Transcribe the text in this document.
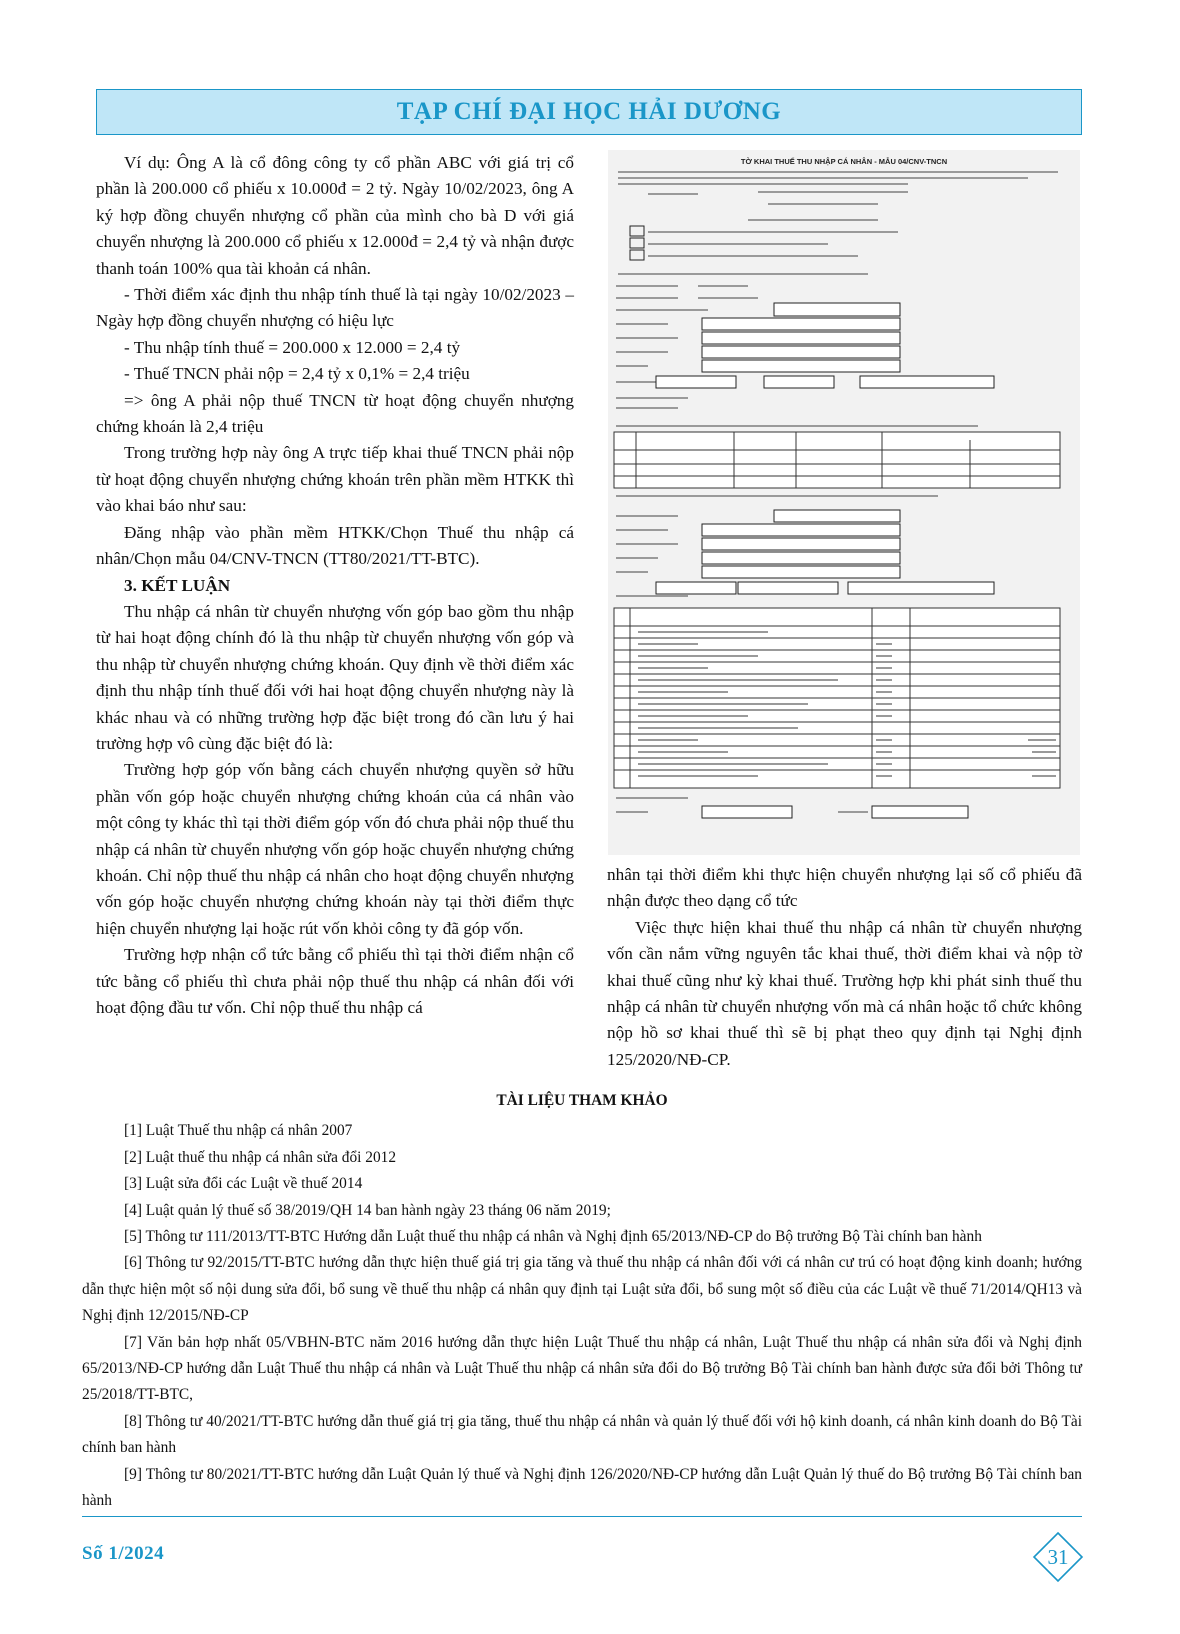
TẠP CHÍ ĐẠI HỌC HẢI DƯƠNG

Ví dụ: Ông A là cổ đông công ty cổ phần ABC với giá trị cổ phần là 200.000 cổ phiếu x 10.000đ = 2 tỷ. Ngày 10/02/2023, ông A ký hợp đồng chuyển nhượng cổ phần của mình cho bà D với giá chuyển nhượng là 200.000 cổ phiếu x 12.000đ = 2,4 tỷ và nhận được thanh toán 100% qua tài khoản cá nhân.

- Thời điểm xác định thu nhập tính thuế là tại ngày 10/02/2023 – Ngày hợp đồng chuyển nhượng có hiệu lực

- Thu nhập tính thuế = 200.000 x 12.000 = 2,4 tỷ

- Thuế TNCN phải nộp = 2,4 tỷ x 0,1% = 2,4 triệu

=> ông A phải nộp thuế TNCN từ hoạt động chuyển nhượng chứng khoán là 2,4 triệu

Trong trường hợp này ông A trực tiếp khai thuế TNCN phải nộp từ hoạt động chuyển nhượng chứng khoán trên phần mềm HTKK thì vào khai báo như sau:

Đăng nhập vào phần mềm HTKK/Chọn Thuế thu nhập cá nhân/Chọn mẫu 04/CNV-TNCN (TT80/2021/TT-BTC).

3. KẾT LUẬN

Thu nhập cá nhân từ chuyển nhượng vốn góp bao gồm thu nhập từ hai hoạt động chính đó là thu nhập từ chuyển nhượng vốn góp và thu nhập từ chuyển nhượng chứng khoán. Quy định về thời điểm xác định thu nhập tính thuế đối với hai hoạt động chuyển nhượng này là khác nhau và có những trường hợp đặc biệt trong đó cần lưu ý hai trường hợp vô cùng đặc biệt đó là:

Trường hợp góp vốn bằng cách chuyển nhượng quyền sở hữu phần vốn góp hoặc chuyển nhượng chứng khoán của cá nhân vào một công ty khác thì tại thời điểm góp vốn đó chưa phải nộp thuế thu nhập cá nhân từ chuyển nhượng vốn góp hoặc chuyển nhượng chứng khoán. Chỉ nộp thuế thu nhập cá nhân cho hoạt động chuyển nhượng vốn góp hoặc chuyển nhượng chứng khoán này tại thời điểm thực hiện chuyển nhượng lại hoặc rút vốn khỏi công ty đã góp vốn.

Trường hợp nhận cổ tức bằng cổ phiếu thì tại thời điểm nhận cổ tức bằng cổ phiếu thì chưa phải nộp thuế thu nhập cá nhân đối với hoạt động đầu tư vốn. Chỉ nộp thuế thu nhập cá

TỜ KHAI THUẾ THU NHẬP CÁ NHÂN - MẪU 04/CNV-TNCN

nhân tại thời điểm khi thực hiện chuyển nhượng lại số cổ phiếu đã nhận được theo dạng cổ tức

Việc thực hiện khai thuế thu nhập cá nhân từ chuyển nhượng vốn cần nắm vững nguyên tắc khai thuế, thời điểm khai và nộp tờ khai thuế cũng như kỳ khai thuế. Trường hợp khi phát sinh thuế thu nhập cá nhân từ chuyển nhượng vốn mà cá nhân hoặc tổ chức không nộp hồ sơ khai thuế thì sẽ bị phạt theo quy định tại Nghị định 125/2020/NĐ-CP.

TÀI LIỆU THAM KHẢO

[1] Luật Thuế thu nhập cá nhân 2007

[2] Luật thuế thu nhập cá nhân sửa đổi 2012

[3] Luật sửa đổi các Luật về thuế 2014

[4] Luật quản lý thuế số 38/2019/QH 14 ban hành ngày 23 tháng 06 năm 2019;

[5] Thông tư 111/2013/TT-BTC Hướng dẫn Luật thuế thu nhập cá nhân và Nghị định 65/2013/NĐ-CP do Bộ trưởng Bộ Tài chính ban hành

[6] Thông tư 92/2015/TT-BTC hướng dẫn thực hiện thuế giá trị gia tăng và thuế thu nhập cá nhân đối với cá nhân cư trú có hoạt động kinh doanh; hướng dẫn thực hiện một số nội dung sửa đổi, bổ sung về thuế thu nhập cá nhân quy định tại Luật sửa đổi, bổ sung một số điều của các Luật về thuế 71/2014/QH13 và Nghị định 12/2015/NĐ-CP

[7] Văn bản hợp nhất 05/VBHN-BTC năm 2016 hướng dẫn thực hiện Luật Thuế thu nhập cá nhân, Luật Thuế thu nhập cá nhân sửa đổi và Nghị định 65/2013/NĐ-CP hướng dẫn Luật Thuế thu nhập cá nhân và Luật Thuế thu nhập cá nhân sửa đổi do Bộ trưởng Bộ Tài chính ban hành được sửa đổi bởi Thông tư 25/2018/TT-BTC,

[8] Thông tư 40/2021/TT-BTC hướng dẫn thuế giá trị gia tăng, thuế thu nhập cá nhân và quản lý thuế đối với hộ kinh doanh, cá nhân kinh doanh do Bộ Tài chính ban hành

[9] Thông tư 80/2021/TT-BTC hướng dẫn Luật Quản lý thuế và Nghị định 126/2020/NĐ-CP hướng dẫn Luật Quản lý thuế do Bộ trưởng Bộ Tài chính ban hành

Số 1/2024	31
